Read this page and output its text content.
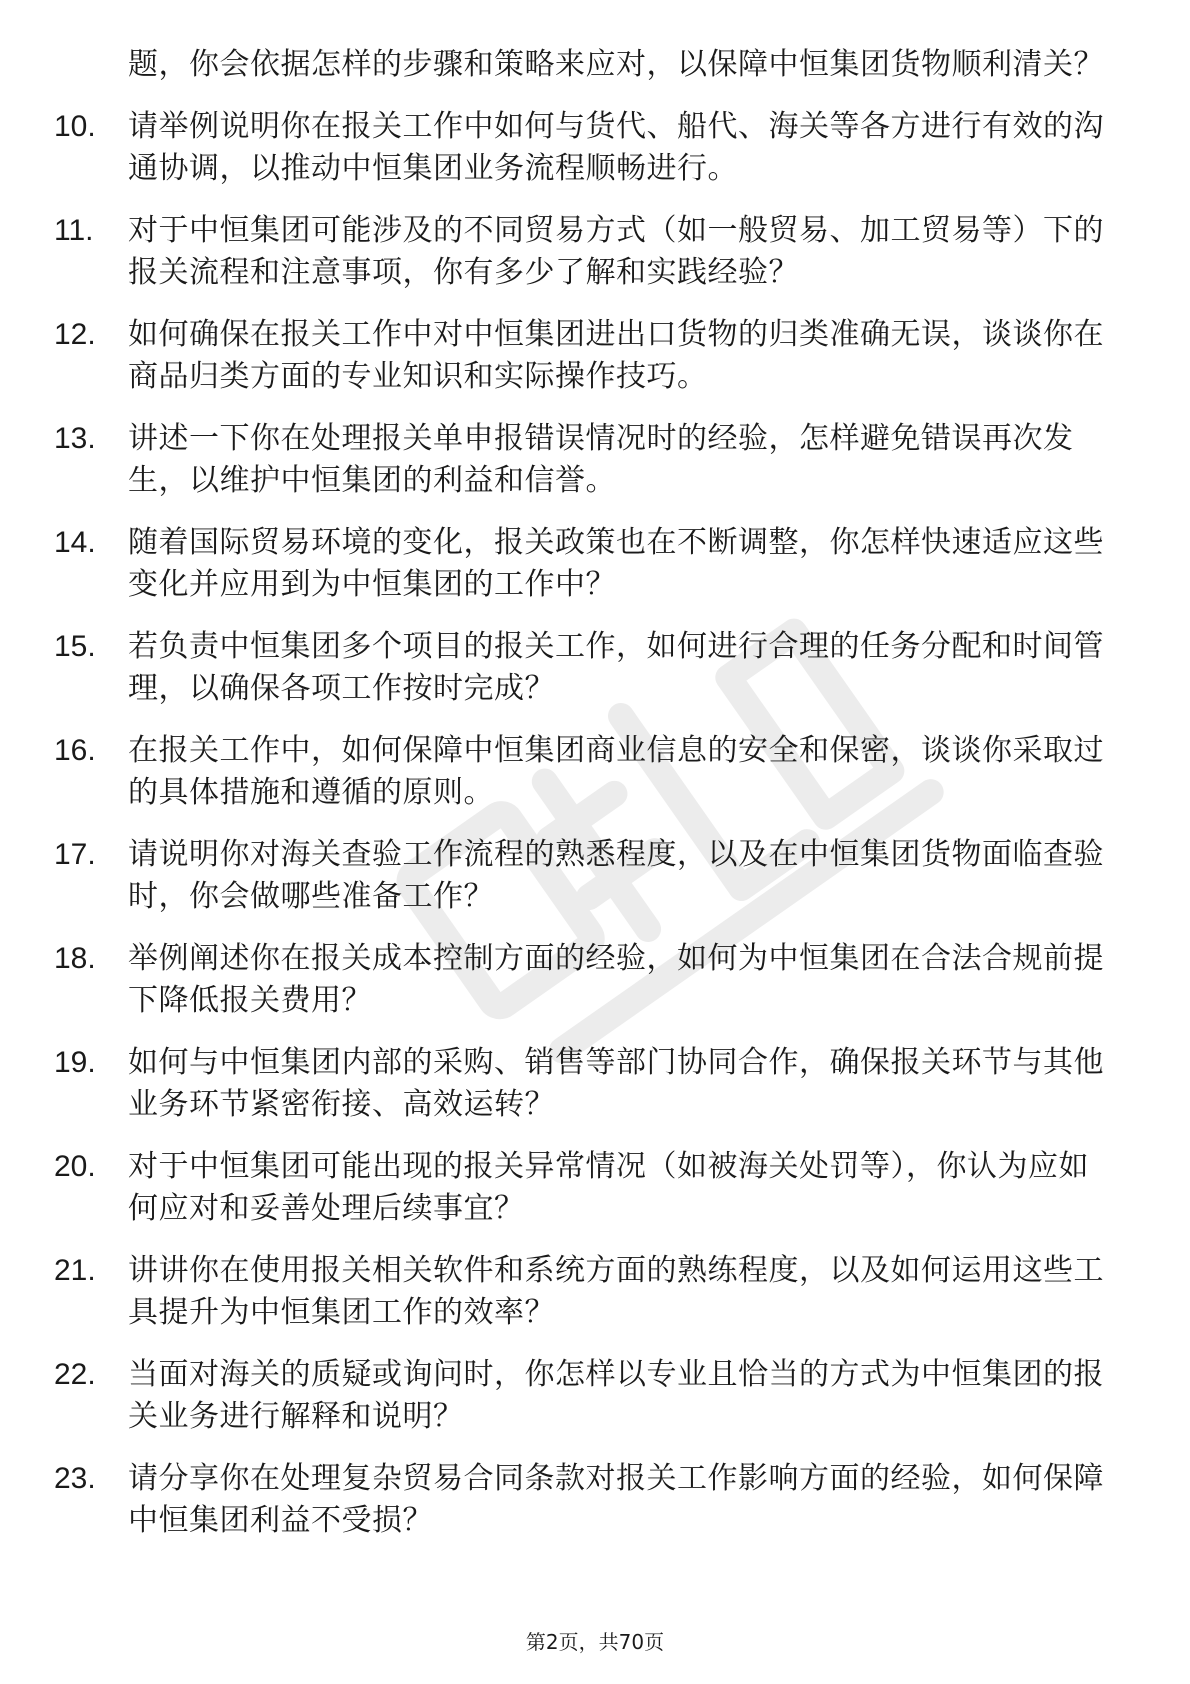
题，你会依据怎样的步骤和策略来应对，以保障中恒集团货物顺利清关？
10.	请举例说明你在报关工作中如何与货代、船代、海关等各方进行有效的沟通协调，以推动中恒集团业务流程顺畅进行。
11.	对于中恒集团可能涉及的不同贸易方式（如一般贸易、加工贸易等）下的报关流程和注意事项，你有多少了解和实践经验？
12.	如何确保在报关工作中对中恒集团进出口货物的归类准确无误，谈谈你在商品归类方面的专业知识和实际操作技巧。
13.	讲述一下你在处理报关单申报错误情况时的经验，怎样避免错误再次发生，以维护中恒集团的利益和信誉。
14.	随着国际贸易环境的变化，报关政策也在不断调整，你怎样快速适应这些变化并应用到为中恒集团的工作中？
15.	若负责中恒集团多个项目的报关工作，如何进行合理的任务分配和时间管理，以确保各项工作按时完成？
16.	在报关工作中，如何保障中恒集团商业信息的安全和保密，谈谈你采取过的具体措施和遵循的原则。
17.	请说明你对海关查验工作流程的熟悉程度，以及在中恒集团货物面临查验时，你会做哪些准备工作？
18.	举例阐述你在报关成本控制方面的经验，如何为中恒集团在合法合规前提下降低报关费用？
19.	如何与中恒集团内部的采购、销售等部门协同合作，确保报关环节与其他业务环节紧密衔接、高效运转？
20.	对于中恒集团可能出现的报关异常情况（如被海关处罚等），你认为应如何应对和妥善处理后续事宜？
21.	讲讲你在使用报关相关软件和系统方面的熟练程度，以及如何运用这些工具提升为中恒集团工作的效率？
22.	当面对海关的质疑或询问时，你怎样以专业且恰当的方式为中恒集团的报关业务进行解释和说明？
23.	请分享你在处理复杂贸易合同条款对报关工作影响方面的经验，如何保障中恒集团利益不受损？
第2页，共70页
